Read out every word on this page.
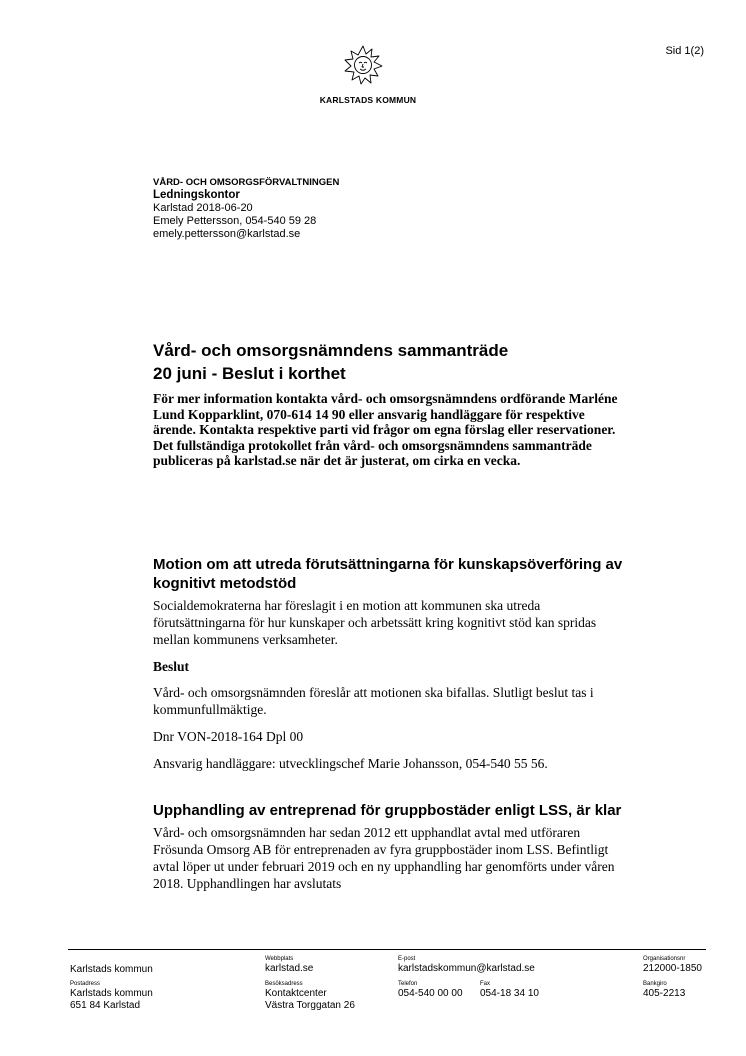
Sid 1(2)
KARLSTADS KOMMUN
VÅRD- OCH OMSORGSFÖRVALTNINGEN
Ledningskontor
Karlstad 2018-06-20
Emely Pettersson, 054-540 59 28
emely.pettersson@karlstad.se
Vård- och omsorgsnämndens sammanträde
20 juni - Beslut i korthet
För mer information kontakta vård- och omsorgsnämndens ordförande Marléne Lund Kopparklint, 070-614 14 90 eller ansvarig handläggare för respektive ärende. Kontakta respektive parti vid frågor om egna förslag eller reservationer. Det fullständiga protokollet från vård- och omsorgsnämndens sammanträde publiceras på karlstad.se när det är justerat, om cirka en vecka.
Motion om att utreda förutsättningarna för kunskapsöverföring av kognitivt metodstöd

Socialdemokraterna har föreslagit i en motion att kommunen ska utreda förutsättningarna för hur kunskaper och arbetssätt kring kognitivt stöd kan spridas mellan kommunens verksamheter.

Beslut

Vård- och omsorgsnämnden föreslår att motionen ska bifallas. Slutligt beslut tas i kommunfullmäktige.

Dnr VON-2018-164 Dpl 00

Ansvarig handläggare: utvecklingschef Marie Johansson, 054-540 55 56.

Upphandling av entreprenad för gruppbostäder enligt LSS, är klar

Vård- och omsorgsnämnden har sedan 2012 ett upphandlat avtal med utföraren Frösunda Omsorg AB för entreprenaden av fyra gruppbostäder inom LSS. Befintligt avtal löper ut under februari 2019 och en ny upphandling har genomförts under våren 2018. Upphandlingen har avslutats

Karlstads kommun
Webbplats
karlstad.se
E-post
karlstadskommun@karlstad.se
Organisationsnr
212000-1850
Postadress
Karlstads kommun
651 84 Karlstad
Besöksadress
Kontaktcenter
Västra Torggatan 26
Telefon
054-540 00 00
Fax
054-18 34 10
Bankgiro
405-2213
